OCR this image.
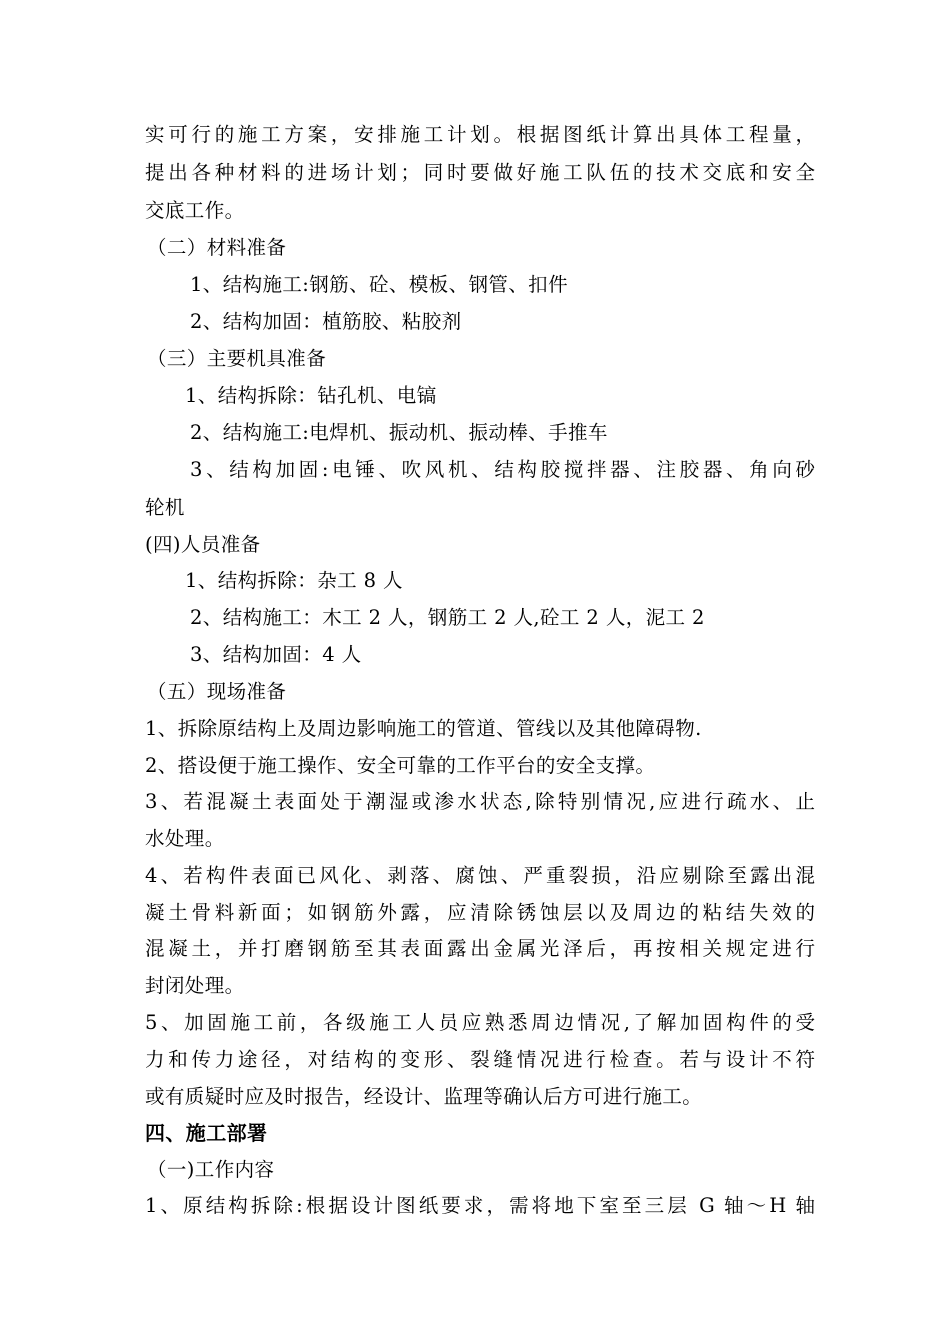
实可行的施工方案，安排施工计划。根据图纸计算出具体工程量，
提出各种材料的进场计划；同时要做好施工队伍的技术交底和安全
交底工作。
（二）材料准备
1、结构施工:钢筋、砼、模板、钢管、扣件
2、结构加固：植筋胶、粘胶剂
（三）主要机具准备
1、结构拆除：钻孔机、电镐
2、结构施工:电焊机、振动机、振动棒、手推车
3、结构加固:电锤、吹风机、结构胶搅拌器、注胶器、角向砂
轮机
(四)人员准备
1、结构拆除：杂工 8 人
2、结构施工：木工 2 人，钢筋工 2 人,砼工 2 人，泥工 2
3、结构加固：4 人
（五）现场准备
1、拆除原结构上及周边影响施工的管道、管线以及其他障碍物.
2、搭设便于施工操作、安全可靠的工作平台的安全支撑。
3、若混凝土表面处于潮湿或渗水状态,除特别情况,应进行疏水、止
水处理。
4、若构件表面已风化、剥落、腐蚀、严重裂损，沿应剔除至露出混
凝土骨料新面；如钢筋外露，应清除锈蚀层以及周边的粘结失效的
混凝土，并打磨钢筋至其表面露出金属光泽后，再按相关规定进行
封闭处理。
5、加固施工前，各级施工人员应熟悉周边情况,了解加固构件的受
力和传力途径，对结构的变形、裂缝情况进行检查。若与设计不符
或有质疑时应及时报告，经设计、监理等确认后方可进行施工。
四、施工部署
（一)工作内容
1、原结构拆除:根据设计图纸要求，需将地下室至三层 G 轴～H 轴
